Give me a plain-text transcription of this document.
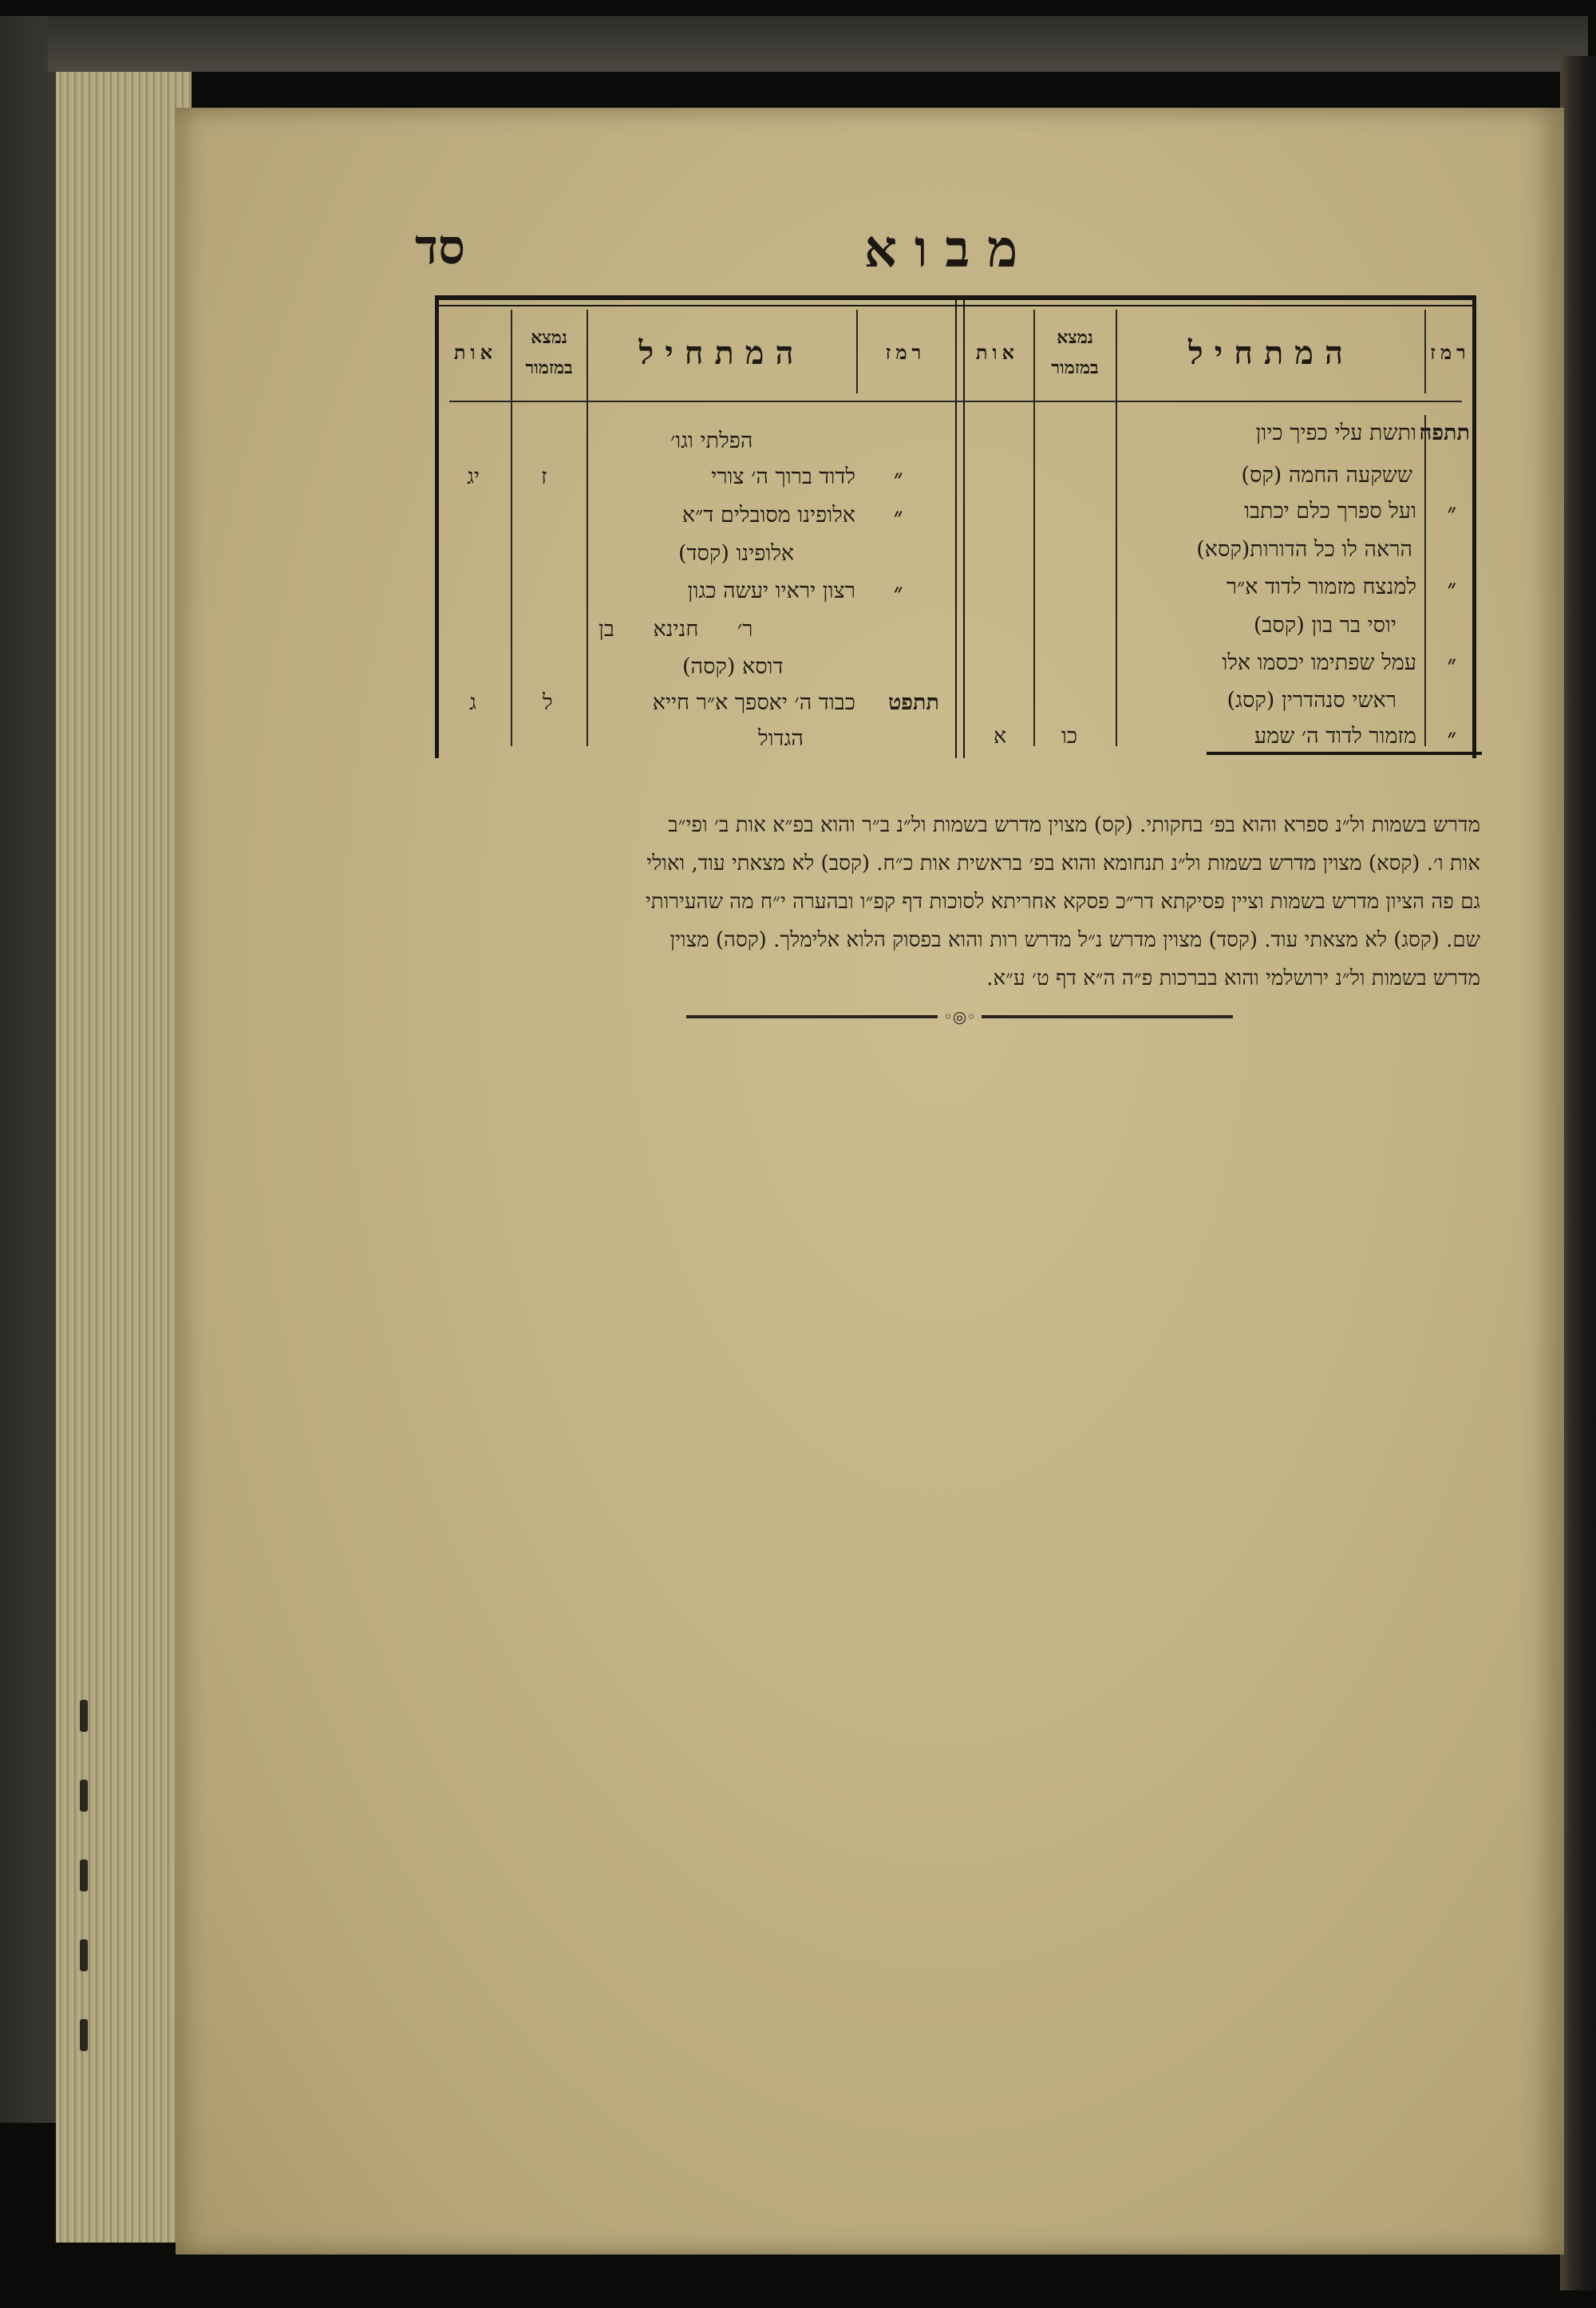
מבוא
סד
רמז
המתחיל
נמצא
במזמור
אות
רמז
המתחיל
נמצא
במזמור
אות
תתפח
ותשת עלי כפיך כיון
ששקעה החמה (קס)
״
ועל ספרך כלם יכתבו
הראה לו כל הדורות(קסא)
״
למנצח מזמור לדוד א״ר
יוסי בר בון (קסב)
״
עמל שפתימו יכסמו אלו
ראשי סנהדרין (קסג)
״
מזמור לדוד ה׳ שמע
כו
א
הפלתי וגו׳
״
לדוד ברוך ה׳ צורי
ז
יג
״
אלופינו מסובלים ד״א
אלופינו (קסד)
״
רצון יראיו יעשה כגון
ר׳ חנינא בן
דוסא (קסה)
תתפט
כבוד ה׳ יאספך א״ר חייא
ל
ג
הגדול
מדרש בשמות ול״נ ספרא והוא בפ׳ בחקותי. (קס) מצוין מדרש בשמות ול״נ ב״ר והוא בפ״א אות ב׳ ופי״ב
אות ו׳. (קסא) מצוין מדרש בשמות ול״נ תנחומא והוא בפ׳ בראשית אות כ״ח. (קסב) לא מצאתי עוד, ואולי
גם פה הציון מדרש בשמות וציין פסיקתא דר״כ פסקא אחריתא לסוכות דף קפ״ו ובהערה י״ח מה שהעירותי
שם. (קסג) לא מצאתי עוד. (קסד) מצוין מדרש נ״ל מדרש רות והוא בפסוק הלוא אלימלך. (קסה) מצוין
מדרש בשמות ול״נ ירושלמי והוא בברכות פ״ה ה״א דף ט׳ ע״א.
◦◎◦
